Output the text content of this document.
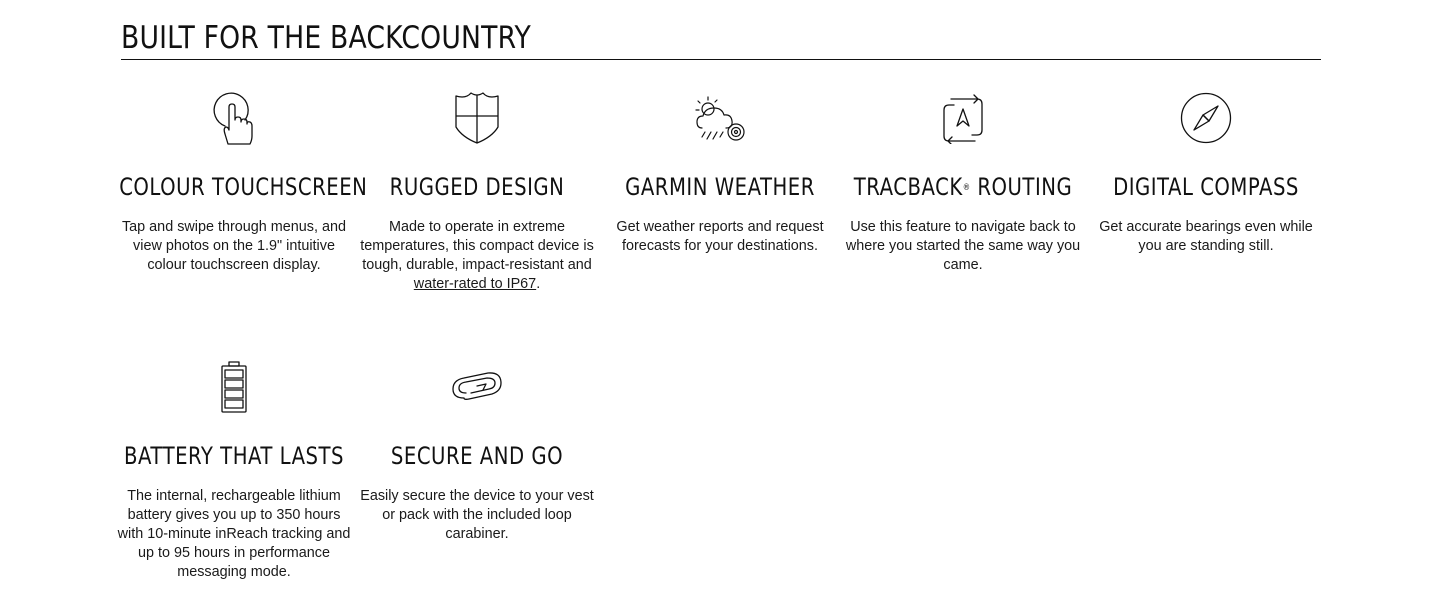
BUILT FOR THE BACKCOUNTRY
COLOUR TOUCHSCREEN
Tap and swipe through menus, and view photos on the 1.9" intuitive colour touchscreen display.
RUGGED DESIGN
Made to operate in extreme temperatures, this compact device is tough, durable, impact-resistant and water-rated to IP67.
GARMIN WEATHER
Get weather reports and request forecasts for your destinations.
TRACBACK® ROUTING
Use this feature to navigate back to where you started the same way you came.
DIGITAL COMPASS
Get accurate bearings even while you are standing still.
BATTERY THAT LASTS
The internal, rechargeable lithium battery gives you up to 350 hours with 10-minute inReach tracking and up to 95 hours in performance messaging mode.
SECURE AND GO
Easily secure the device to your vest or pack with the included loop carabiner.
